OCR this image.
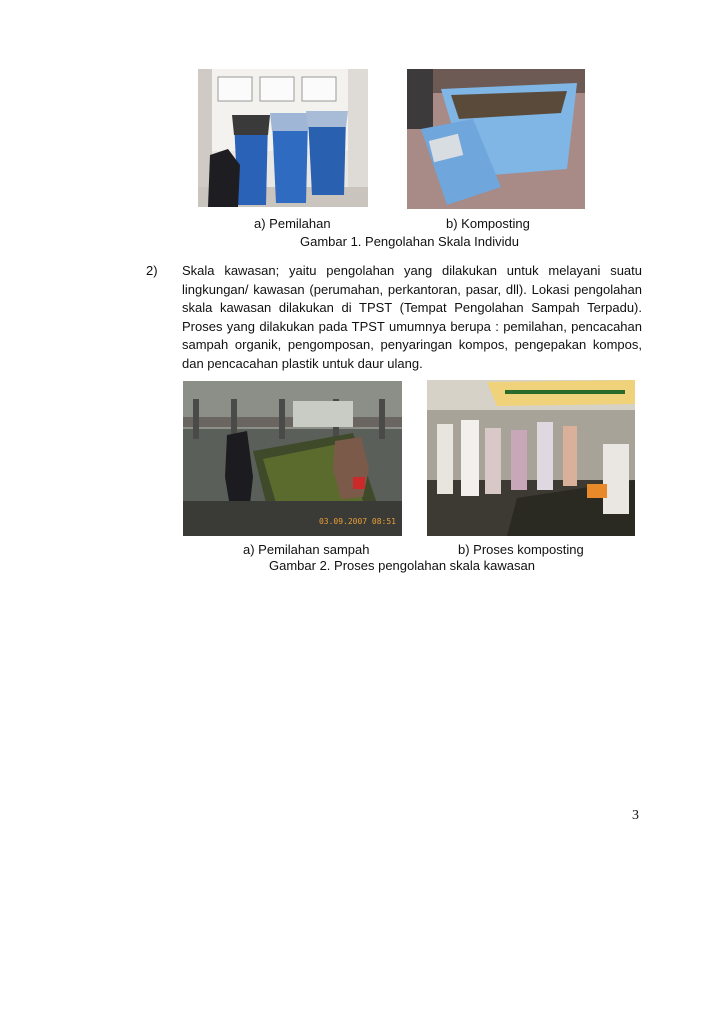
a) Pemilahan	b) Komposting
Gambar 1. Pengolahan Skala Individu
2) Skala kawasan; yaitu pengolahan yang dilakukan untuk melayani suatu lingkungan/ kawasan (perumahan, perkantoran, pasar, dll). Lokasi pengolahan skala kawasan dilakukan di TPST (Tempat Pengolahan Sampah Terpadu). Proses yang dilakukan pada TPST umumnya berupa : pemilahan, pencacahan sampah organik, pengomposan, penyaringan kompos, pengepakan kompos, dan pencacahan plastik untuk daur ulang.

03.09.2007 08:51
a) Pemilahan sampah	b) Proses komposting
Gambar 2. Proses pengolahan skala kawasan
3
